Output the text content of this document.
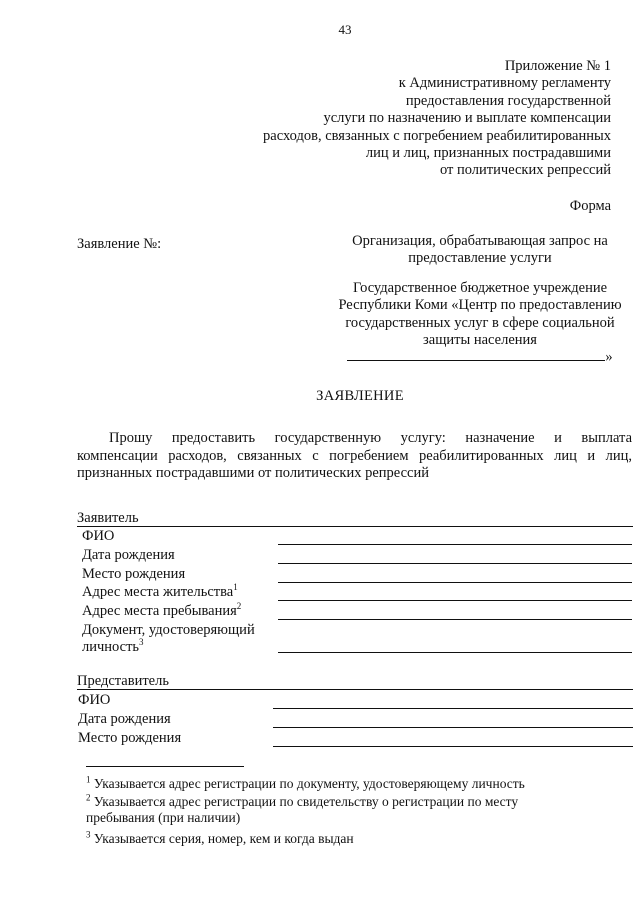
43
Приложение № 1
к Административному регламенту
предоставления государственной
услуги по назначению и выплате компенсации
расходов, связанных с погребением реабилитированных
лиц и лиц, признанных пострадавшими
от политических репрессий
Форма
Заявление №:	Организация, обрабатывающая запрос на
предоставление услуги
Государственное бюджетное учреждение
Республики Коми «Центр по предоставлению
государственных услуг в сфере социальной
защиты населения
»
ЗАЯВЛЕНИЕ
Прошу предоставить государственную услугу: назначение и выплата
компенсации расходов, связанных с погребением реабилитированных лиц и лиц,
признанных пострадавшими от политических репрессий
Заявитель
ФИО
Дата рождения
Место рождения
Адрес места жительства$^1$
Адрес места пребывания$^2$
Документ, удостоверяющий
личность$^3$
Представитель
ФИО
Дата рождения
Место рождения
$^1$ Указывается адрес регистрации по документу, удостоверяющему личность
$^2$ Указывается адрес регистрации по свидетельству о регистрации по месту
пребывания (при наличии)
$^3$ Указывается серия, номер, кем и когда выдан
